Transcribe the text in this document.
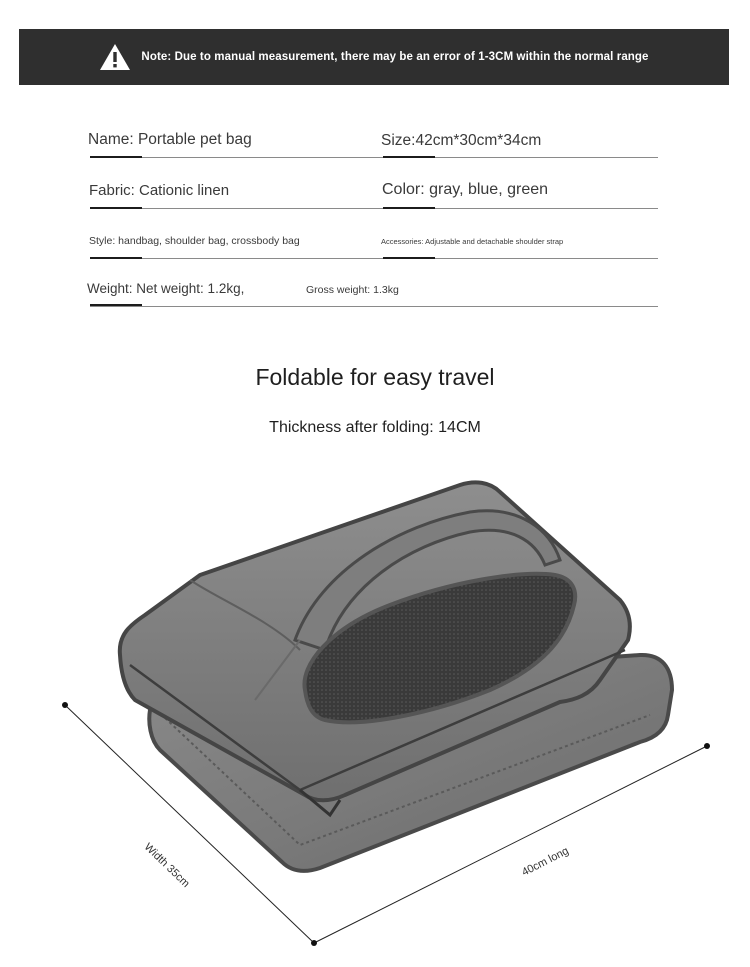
Note: Due to manual measurement, there may be an error of 1-3CM within the normal range
Name: Portable pet bag	Size:42cm*30cm*34cm
Fabric: Cationic linen	Color: gray, blue, green
Style: handbag, shoulder bag, crossbody bag	Accessories: Adjustable and detachable shoulder strap
Weight: Net weight: 1.2kg,	Gross weight: 1.3kg
Foldable for easy travel
Thickness after folding: 14CM
Width 35cm	40cm long
